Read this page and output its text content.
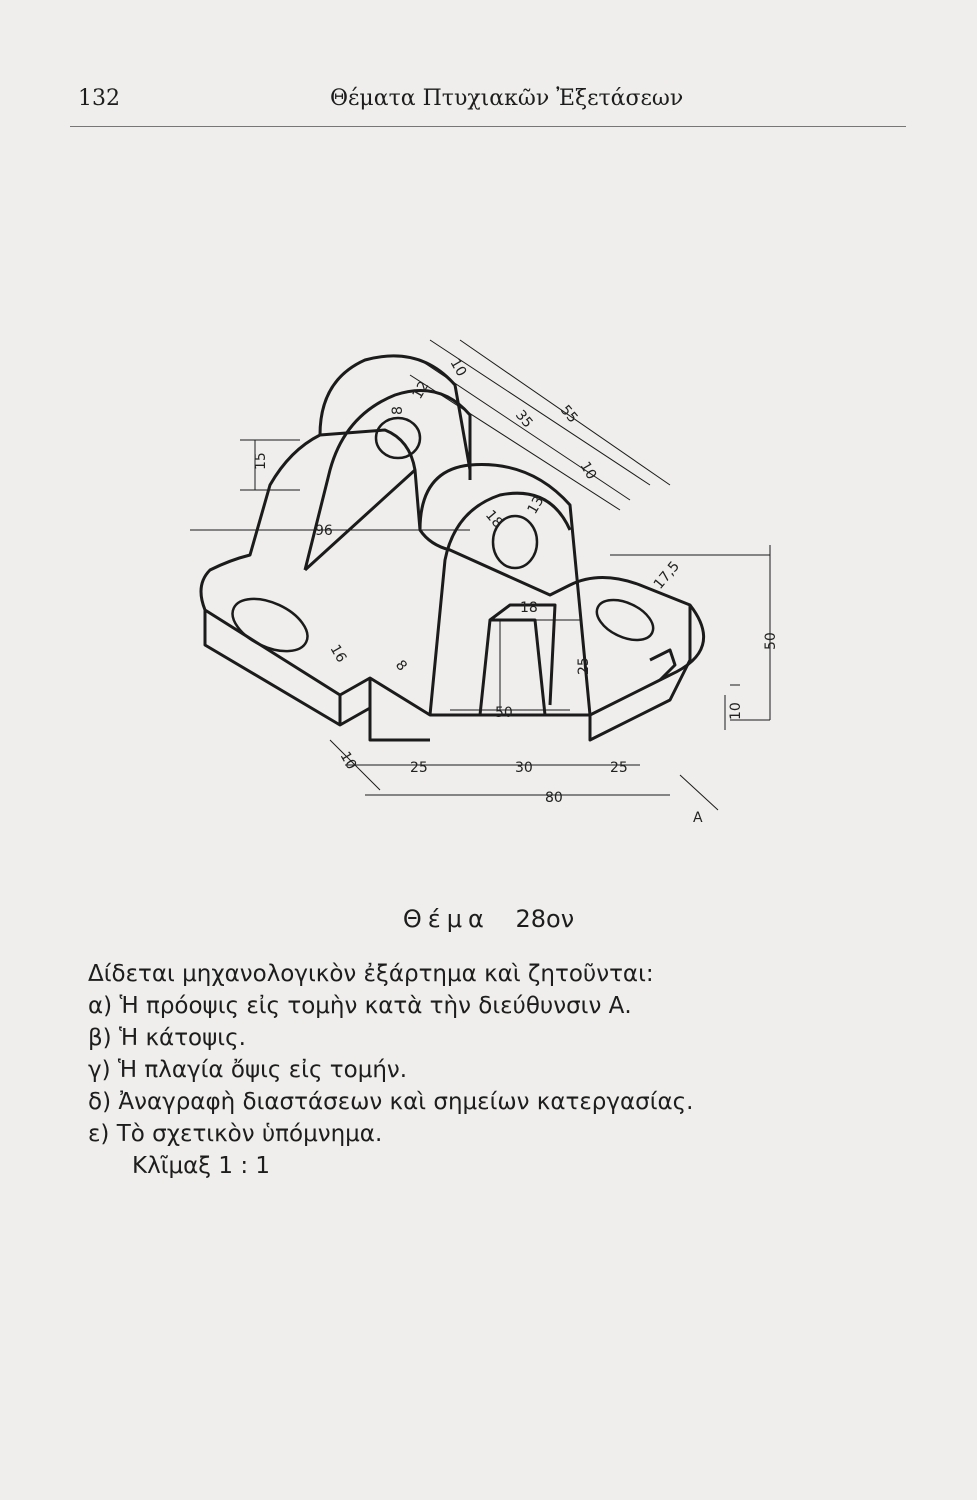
132	Θέματα Πτυχιακῶν Ἐξετάσεων
10
55
35
10
15
96
12
8
18
13
17,5
18
16
8	25
50
50
10
10	25	30	25
80
A
Θέμα 28ον

Δίδεται μηχανολογικὸν ἐξάρτημα καὶ ζητοῦνται:

α) Ἡ πρόοψις εἰς τομὴν κατὰ τὴν διεύθυνσιν Α.

β) Ἡ κάτοψις.

γ) Ἡ πλαγία ὄψις εἰς τομήν.

δ) Ἀναγραφὴ διαστάσεων καὶ σημείων κατεργασίας.

ε) Τὸ σχετικὸν ὑπόμνημα.

Κλῖμαξ 1 : 1
